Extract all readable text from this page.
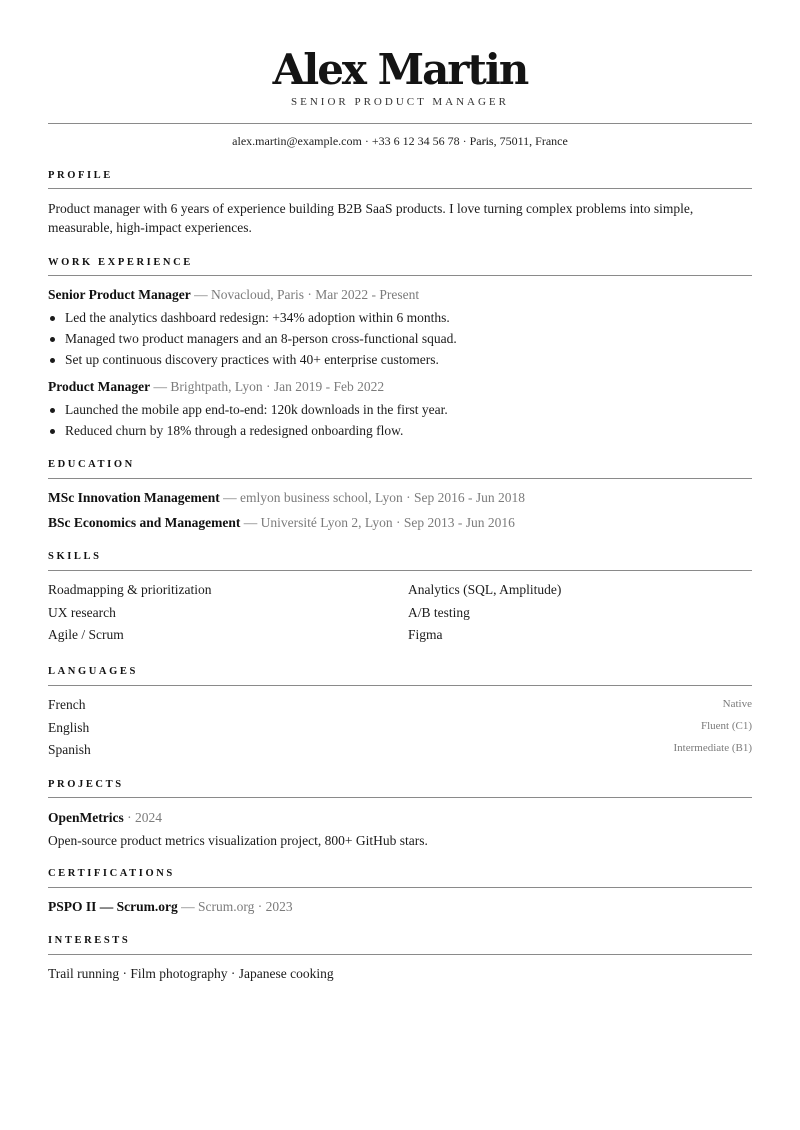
Alex Martin
SENIOR PRODUCT MANAGER
alex.martin@example.com · +33 6 12 34 56 78 · Paris, 75011, France
PROFILE
Product manager with 6 years of experience building B2B SaaS products. I love turning complex problems into simple,
measurable, high-impact experiences.
WORK EXPERIENCE
Senior Product Manager — Novacloud, Paris · Mar 2022 - Present
Led the analytics dashboard redesign: +34% adoption within 6 months.
Managed two product managers and an 8-person cross-functional squad.
Set up continuous discovery practices with 40+ enterprise customers.
Product Manager — Brightpath, Lyon · Jan 2019 - Feb 2022
Launched the mobile app end-to-end: 120k downloads in the first year.
Reduced churn by 18% through a redesigned onboarding flow.
EDUCATION
MSc Innovation Management — emlyon business school, Lyon · Sep 2016 - Jun 2018
BSc Economics and Management — Université Lyon 2, Lyon · Sep 2013 - Jun 2016
SKILLS
Roadmapping & prioritization	Analytics (SQL, Amplitude)
UX research	A/B testing
Agile / Scrum	Figma
LANGUAGES
French	Native
English	Fluent (C1)
Spanish	Intermediate (B1)
PROJECTS
OpenMetrics · 2024
Open-source product metrics visualization project, 800+ GitHub stars.
CERTIFICATIONS
PSPO II — Scrum.org — Scrum.org · 2023
INTERESTS
Trail running · Film photography · Japanese cooking
